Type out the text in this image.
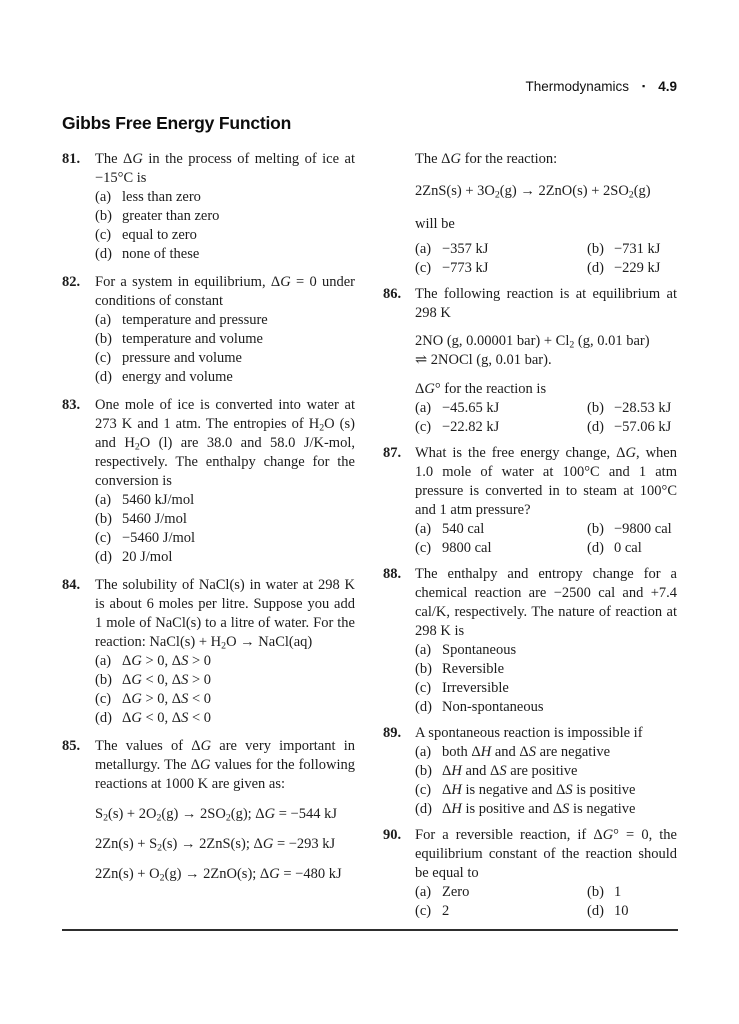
Thermodynamics ▪ 4.9
Gibbs Free Energy Function
81.	The ΔG in the process of melting of ice at −15°C is

(a) less than zero
(b) greater than zero
(c) equal to zero
(d) none of these
82.	For a system in equilibrium, ΔG = 0 under conditions of constant

(a) temperature and pressure
(b) temperature and volume
(c) pressure and volume
(d) energy and volume
83.	One mole of ice is converted into water at 273 K and 1 atm. The entropies of $H_2O$ (s) and $H_2O$ (l) are 38.0 and 58.0 J/K-mol, respectively. The enthalpy change for the conversion is

(a) 5460 kJ/mol
(b) 5460 J/mol
(c) −5460 J/mol
(d) 20 J/mol
84.	The solubility of NaCl(s) in water at 298 K is about 6 moles per litre. Suppose you add 1 mole of NaCl(s) to a litre of water. For the reaction: NaCl(s) + $H_2O$ → NaCl(aq)

(a) ΔG > 0, ΔS > 0
(b) ΔG < 0, ΔS > 0
(c) ΔG > 0, ΔS < 0
(d) ΔG < 0, ΔS < 0
85.	The values of ΔG are very important in metallurgy. The ΔG values for the following reactions at 1000 K are given as:

$S_2(s) + 2O_2(g) \to 2SO_2(g)$; ΔG = −544 kJ

$2Zn(s) + S_2(s) \to 2ZnS(s)$; ΔG = −293 kJ

$2Zn(s) + O_2(g) \to 2ZnO(s)$; ΔG = −480 kJ

The ΔG for the reaction:

$2ZnS(s) + 3O_2(g) \to 2ZnO(s) + 2SO_2(g)$

will be

(a) −357 kJ	(b) −731 kJ
(c) −773 kJ	(d) −229 kJ
86. The following reaction is at equilibrium at 298 K

2NO (g, 0.00001 $bar) + Cl_2$ (g, 0.01 bar)
⇌ 2NOCl (g, 0.01 bar).

ΔG° for the reaction is

(a) −45.65 kJ	(b) −28.53 kJ
(c) −22.82 kJ	(d) −57.06 kJ
87. What is the free energy change, ΔG, when 1.0 mole of water at 100°C and 1 atm pressure is converted in to steam at 100°C and 1 atm pressure?

(a) 540 cal	(b) −9800 cal
(c) 9800 cal	(d) 0 cal
88. The enthalpy and entropy change for a chemical reaction are −2500 cal and +7.4 cal/K, respectively. The nature of reaction at 298 K is

(a) Spontaneous
(b) Reversible
(c) Irreversible
(d) Non-spontaneous
89. A spontaneous reaction is impossible if

(a) both ΔH and ΔS are negative
(b) ΔH and ΔS are positive
(c) ΔH is negative and ΔS is positive
(d) ΔH is positive and ΔS is negative
90. For a reversible reaction, if ΔG° = 0, the equilibrium constant of the reaction should be equal to

(a) Zero	(b) 1
(c) 2	(d) 10
